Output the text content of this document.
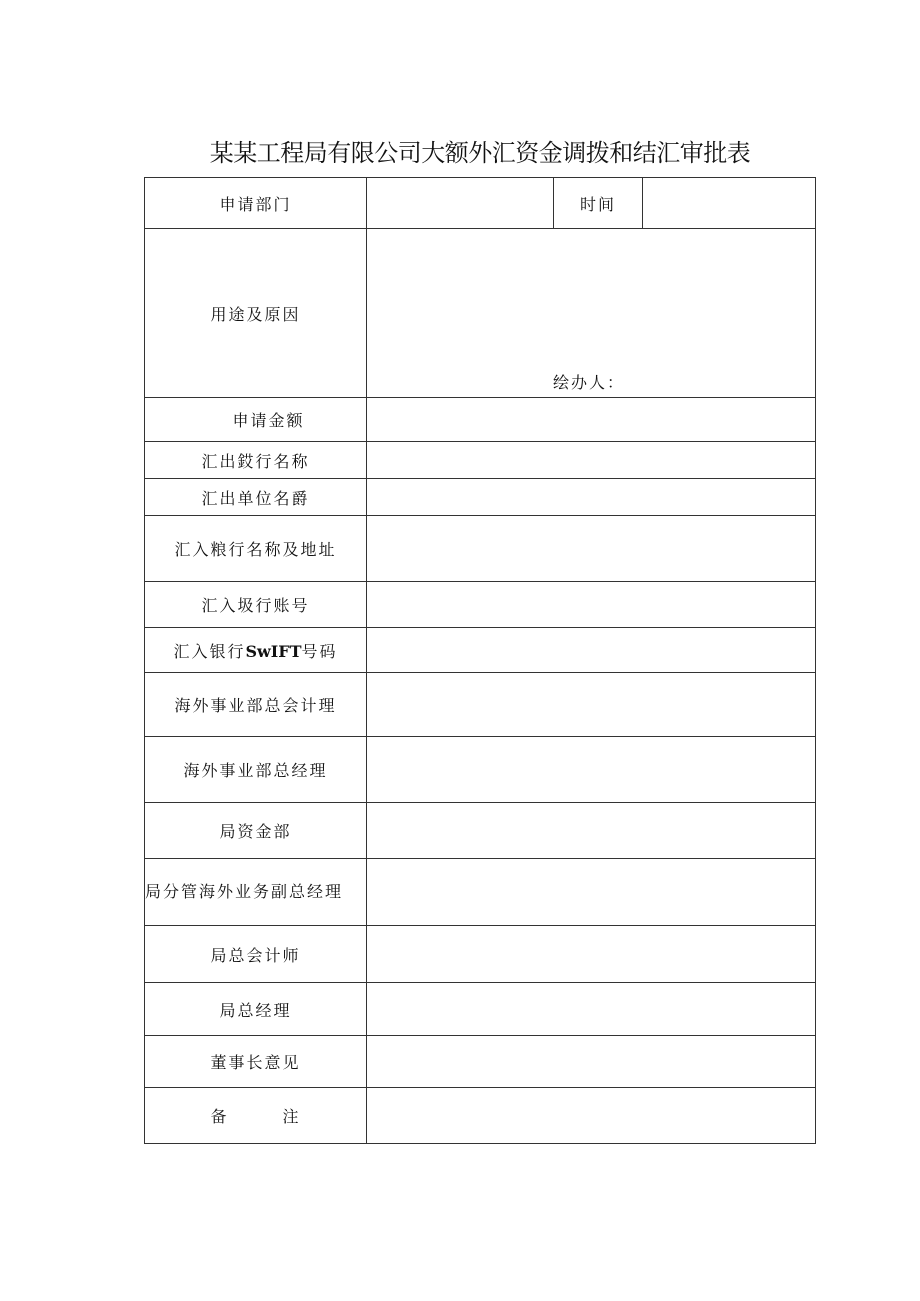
某某工程局有限公司大额外汇资金调拨和结汇审批表
申请部门		时间	
用途及原因	绘办人：		

申请金额			
汇出銰行名称			
汇出单位名爵			
汇入粮行名称及地址			
汇入圾行账号			
汇入银行SwIFT号码			
海外事业部总会计理			
海外事业部总经理			
局资金部			
局分管海外业务副总经理			
局总会计师			
局总经理			
董事长意见			
备 注			
